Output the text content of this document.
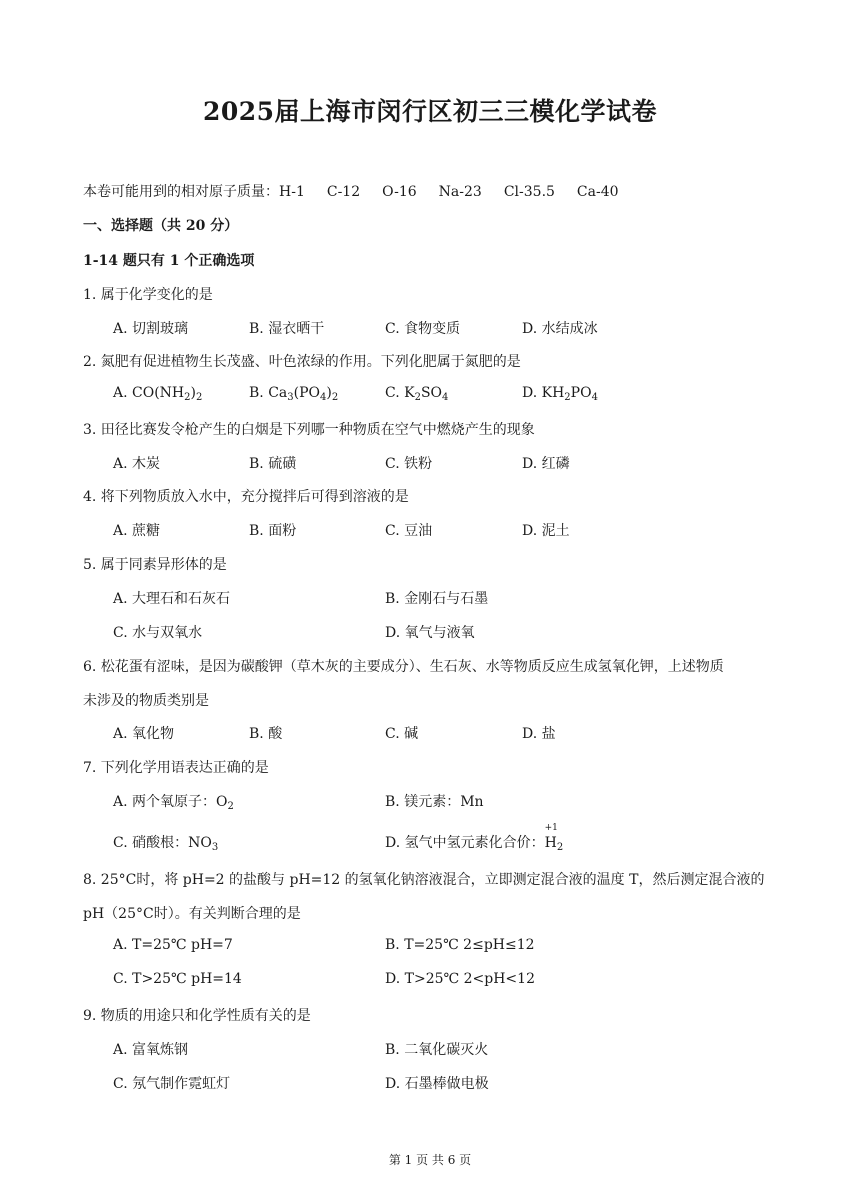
2025届上海市闵行区初三三模化学试卷
本卷可能用到的相对原子质量：H-1 C-12 O-16 Na-23 Cl-35.5 Ca-40
一、选择题（共 20 分）
1-14 题只有 1 个正确选项
1. 属于化学变化的是
A. 切割玻璃	B. 湿衣晒干	C. 食物变质	D. 水结成冰
2. 氮肥有促进植物生长茂盛、叶色浓绿的作用。下列化肥属于氮肥的是
A. $CO(NH_2)_2$	B. $Ca_3(PO_4)_2$	C. $K_2SO_4$	D. $KH_2PO_4$
3. 田径比赛发令枪产生的白烟是下列哪一种物质在空气中燃烧产生的现象
A. 木炭	B. 硫磺	C. 铁粉	D. 红磷
4. 将下列物质放入水中，充分搅拌后可得到溶液的是
A. 蔗糖	B. 面粉	C. 豆油	D. 泥土
5. 属于同素异形体的是
A. 大理石和石灰石	B. 金刚石与石墨
C. 水与双氧水	D. 氧气与液氧
6. 松花蛋有涩味，是因为碳酸钾（草木灰的主要成分）、生石灰、水等物质反应生成氢氧化钾，上述物质
未涉及的物质类别是
A. 氧化物	B. 酸	C. 碱	D. 盐
7. 下列化学用语表达正确的是
A. 两个氧原子：$O_2$	B. 镁元素：Mn
C. 硝酸根：$NO_3$	D. 氢气中氢元素化合价：
+1
$H_2$
8. 25°C时，将 pH=2 的盐酸与 pH=12 的氢氧化钠溶液混合，立即测定混合液的温度 T，然后测定混合液的
pH（25°C时）。有关判断合理的是
A. T=25℃ pH=7	B. T=25℃ 2≤pH≤12
C. T>25℃ pH=14	D. T>25℃ 2<pH<12
9. 物质的用途只和化学性质有关的是
A. 富氧炼钢	B. 二氧化碳灭火
C. 氖气制作霓虹灯	D. 石墨棒做电极
第 1 页 共 6 页
